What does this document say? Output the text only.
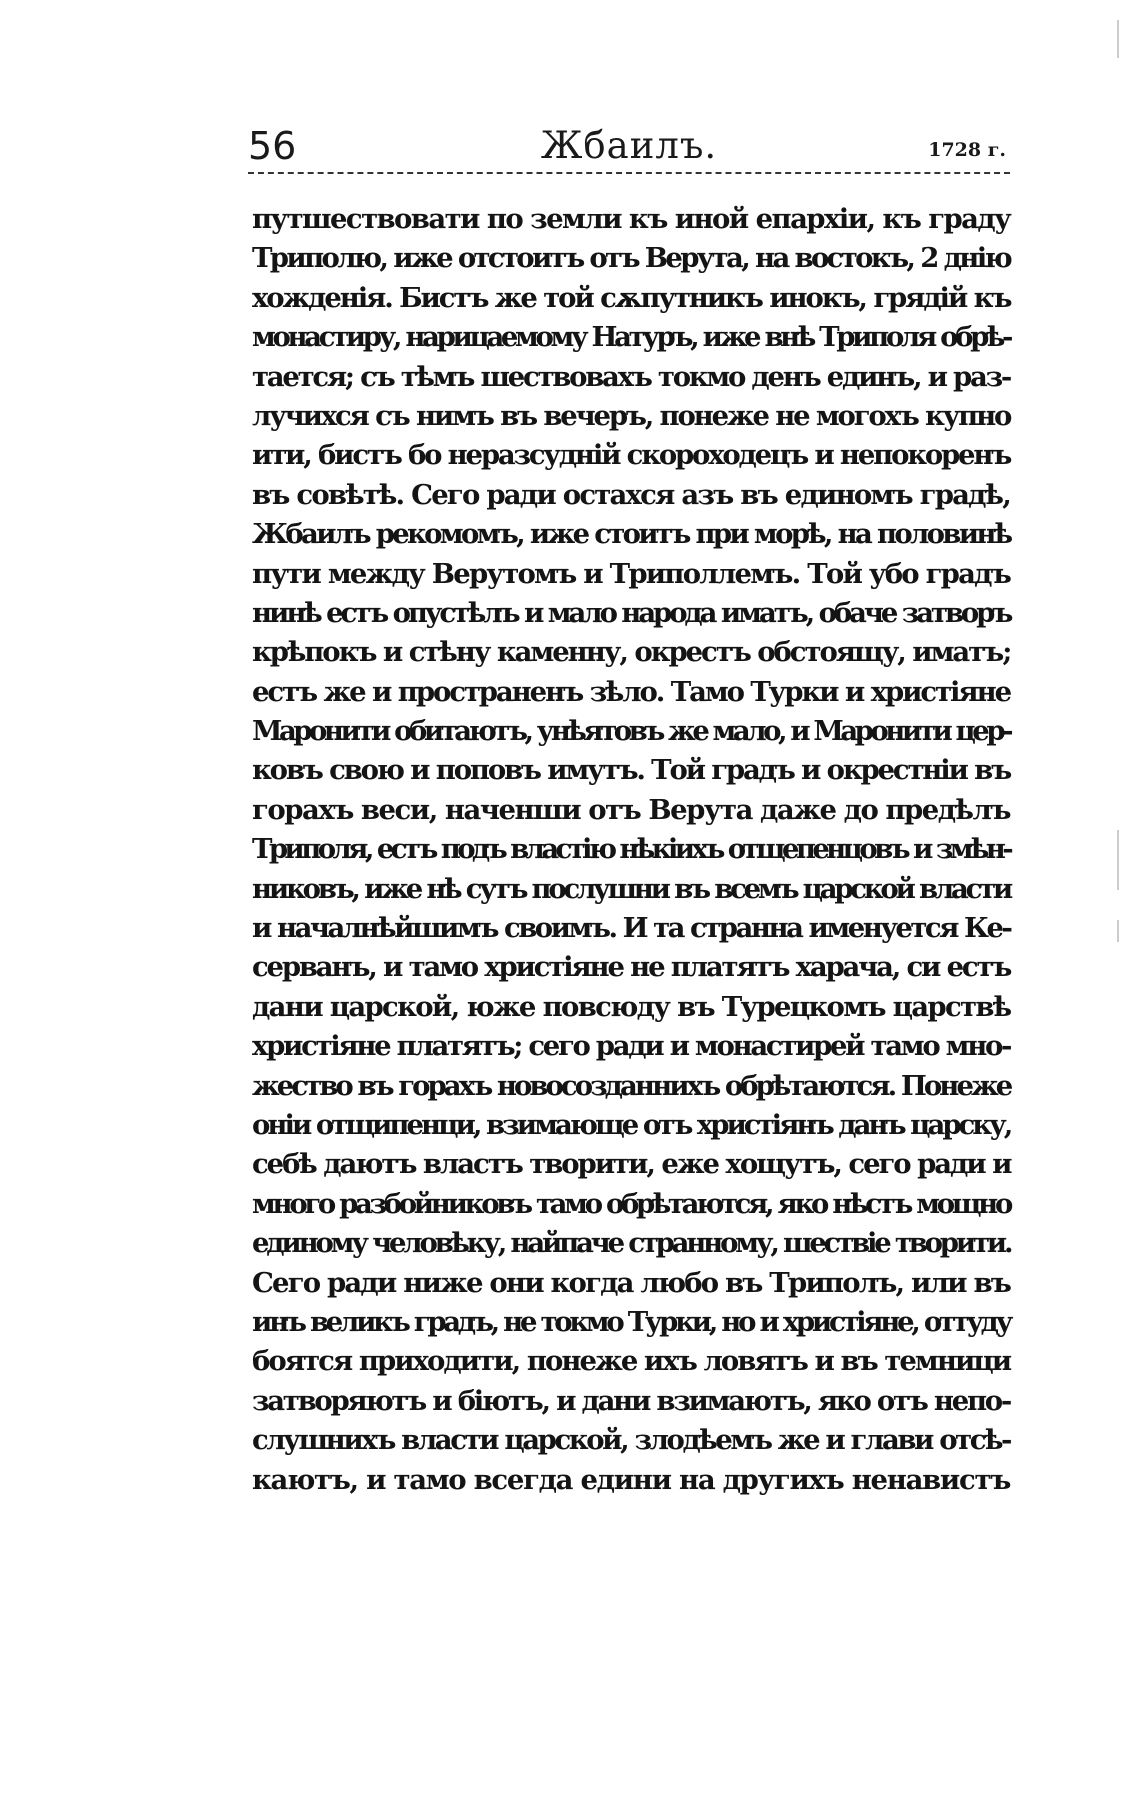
56	Жбаилъ.	1728 г.
путшествовати по земли къ иной епархіи, къ граду
Триполю, иже отстоитъ отъ Верута, на востокъ, 2 днію
хожденія. Бистъ же той сѫпутникъ инокъ, грядій къ
монастиру, нарицаемому Натуръ, иже внѣ Триполя обрѣ-
тается; съ тѣмъ шествовахъ токмо денъ единъ, и раз-
лучихся съ нимъ въ вечеръ, понеже не могохъ купно
ити, бистъ бо неразсудній скороходецъ и непокоренъ
въ совѣтѣ. Сего ради остахся азъ въ единомъ градѣ,
Жбаилъ рекомомъ, иже стоитъ при морѣ, на половинѣ
пути между Верутомъ и Триполлемъ. Той убо градъ
нинѣ естъ опустѣлъ и мало народа иматъ, обаче затворъ
крѣпокъ и стѣну каменну, окрестъ обстоящу, иматъ;
естъ же и пространенъ зѣло. Тамо Турки и христіяне
Маронити обитаютъ, унѣятовъ же мало, и Маронити цер-
ковъ свою и поповъ имутъ. Той градъ и окрестніи въ
горахъ веси, наченши отъ Верута даже до предѣлъ
Триполя, естъ подъ властію нѣкіихъ отщепенцовъ и змѣн-
никовъ, иже нѣ сутъ послушни въ всемъ царской власти
и началнѣйшимъ своимъ. И та странна именуется Ке-
серванъ, и тамо христіяне не платятъ харача, си естъ
дани царской, юже повсюду въ Турецкомъ царствѣ
христіяне платятъ; сего ради и монастирей тамо мно-
жество въ горахъ новосозданнихъ обрѣтаются. Понеже
оніи отщипенци, взимающе отъ христіянъ данъ царску,
себѣ даютъ властъ творити, еже хощутъ, сего ради и
много разбойниковъ тамо обрѣтаются, яко нѣстъ мощно
единому человѣку, найпаче странному, шествіе творити.
Сего ради ниже они когда любо въ Триполъ, или въ
инъ великъ градъ, не токмо Турки, но и христіяне, оттуду
боятся приходити, понеже ихъ ловятъ и въ темници
затворяютъ и біютъ, и дани взимаютъ, яко отъ непо-
слушнихъ власти царской, злодѣемъ же и глави отсѣ-
каютъ, и тамо всегда едини на другихъ ненавистъ
